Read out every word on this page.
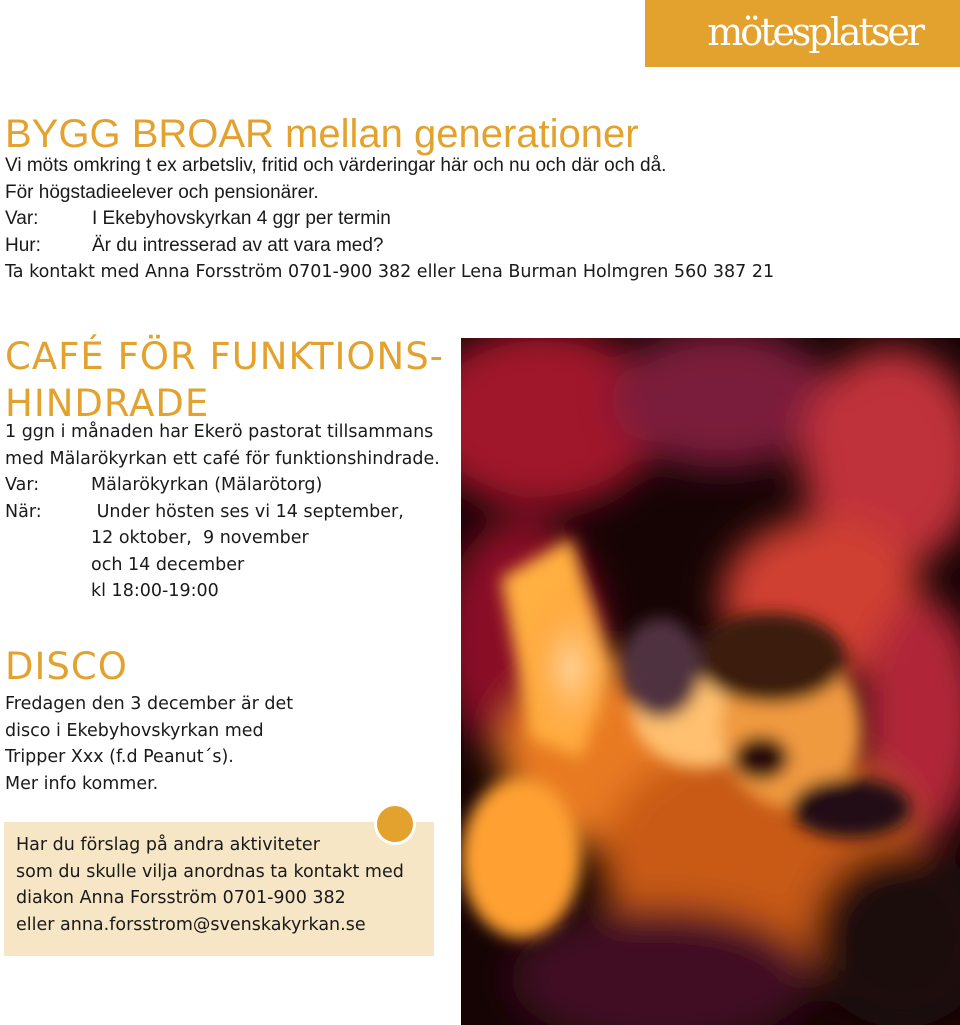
mötesplatser
BYGG BROAR mellan generationer
Vi möts omkring t ex arbetsliv, fritid och värderingar här och nu och där och då.
För högstadieelever och pensionärer.
Var:	I Ekebyhovskyrkan 4 ggr per termin
Hur:	Är du intresserad av att vara med?
Ta kontakt med Anna Forsström 0701-900 382 eller Lena Burman Holmgren 560 387 21
CAFÉ FÖR FUNKTIONS-
HINDRADE
1 ggn i månaden har Ekerö pastorat tillsammans
med Mälarökyrkan ett café för funktionshindrade.
Var:	Mälarökyrkan (Mälarötorg)
När:	Under hösten ses vi 14 september,
12 oktober,  9 november
och 14 december
kl 18:00-19:00
DISCO
Fredagen den 3 december är det
disco i Ekebyhovskyrkan med
Tripper Xxx (f.d Peanut´s).
Mer info kommer.
Har du förslag på andra aktiviteter
som du skulle vilja anordnas ta kontakt med
diakon Anna Forsström 0701-900 382
eller anna.forsstrom@svenskakyrkan.se
